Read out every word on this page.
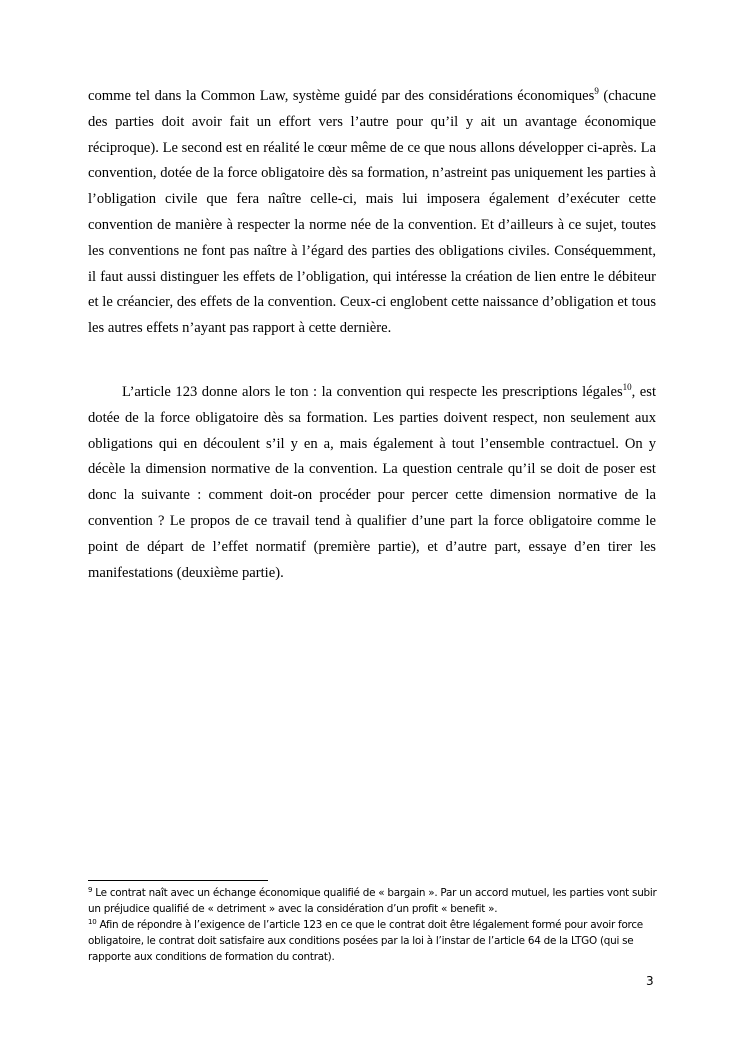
comme tel dans la Common Law, système guidé par des considérations économiques$^9$ (chacune des parties doit avoir fait un effort vers l’autre pour qu’il y ait un avantage économique réciproque). Le second est en réalité le cœur même de ce que nous allons développer ci-après. La convention, dotée de la force obligatoire dès sa formation, n’astreint pas uniquement les parties à l’obligation civile que fera naître celle-ci, mais lui imposera également d’exécuter cette convention de manière à respecter la norme née de la convention. Et d’ailleurs à ce sujet, toutes les conventions ne font pas naître à l’égard des parties des obligations civiles. Conséquemment, il faut aussi distinguer les effets de l’obligation, qui intéresse la création de lien entre le débiteur et le créancier, des effets de la convention. Ceux-ci englobent cette naissance d’obligation et tous les autres effets n’ayant pas rapport à cette dernière.

L’article 123 donne alors le ton : la convention qui respecte les prescriptions légales$^{10}$, est dotée de la force obligatoire dès sa formation. Les parties doivent respect, non seulement aux obligations qui en découlent s’il y en a, mais également à tout l’ensemble contractuel. On y décèle la dimension normative de la convention. La question centrale qu’il se doit de poser est donc la suivante : comment doit-on procéder pour percer cette dimension normative de la convention ? Le propos de ce travail tend à qualifier d’une part la force obligatoire comme le point de départ de l’effet normatif (première partie), et d’autre part, essaye d’en tirer les manifestations (deuxième partie).

$^9$ Le contrat naît avec un échange économique qualifié de « bargain ». Par un accord mutuel, les parties vont subir un préjudice qualifié de « detriment » avec la considération d’un profit « benefit ».

$^{10}$ Afin de répondre à l’exigence de l’article 123 en ce que le contrat doit être légalement formé pour avoir force obligatoire, le contrat doit satisfaire aux conditions posées par la loi à l’instar de l’article 64 de la LTGO (qui se rapporte aux conditions de formation du contrat).

3
